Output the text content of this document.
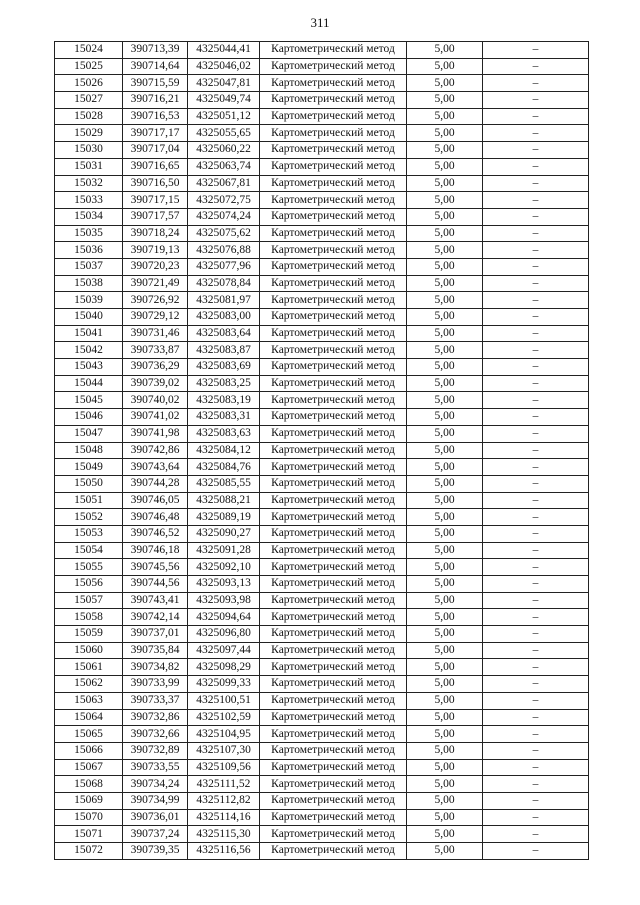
311
15024	390713,39	4325044,41	Картометрический метод	5,00	–
15025	390714,64	4325046,02	Картометрический метод	5,00	–
15026	390715,59	4325047,81	Картометрический метод	5,00	–
15027	390716,21	4325049,74	Картометрический метод	5,00	–
15028	390716,53	4325051,12	Картометрический метод	5,00	–
15029	390717,17	4325055,65	Картометрический метод	5,00	–
15030	390717,04	4325060,22	Картометрический метод	5,00	–
15031	390716,65	4325063,74	Картометрический метод	5,00	–
15032	390716,50	4325067,81	Картометрический метод	5,00	–
15033	390717,15	4325072,75	Картометрический метод	5,00	–
15034	390717,57	4325074,24	Картометрический метод	5,00	–
15035	390718,24	4325075,62	Картометрический метод	5,00	–
15036	390719,13	4325076,88	Картометрический метод	5,00	–
15037	390720,23	4325077,96	Картометрический метод	5,00	–
15038	390721,49	4325078,84	Картометрический метод	5,00	–
15039	390726,92	4325081,97	Картометрический метод	5,00	–
15040	390729,12	4325083,00	Картометрический метод	5,00	–
15041	390731,46	4325083,64	Картометрический метод	5,00	–
15042	390733,87	4325083,87	Картометрический метод	5,00	–
15043	390736,29	4325083,69	Картометрический метод	5,00	–
15044	390739,02	4325083,25	Картометрический метод	5,00	–
15045	390740,02	4325083,19	Картометрический метод	5,00	–
15046	390741,02	4325083,31	Картометрический метод	5,00	–
15047	390741,98	4325083,63	Картометрический метод	5,00	–
15048	390742,86	4325084,12	Картометрический метод	5,00	–
15049	390743,64	4325084,76	Картометрический метод	5,00	–
15050	390744,28	4325085,55	Картометрический метод	5,00	–
15051	390746,05	4325088,21	Картометрический метод	5,00	–
15052	390746,48	4325089,19	Картометрический метод	5,00	–
15053	390746,52	4325090,27	Картометрический метод	5,00	–
15054	390746,18	4325091,28	Картометрический метод	5,00	–
15055	390745,56	4325092,10	Картометрический метод	5,00	–
15056	390744,56	4325093,13	Картометрический метод	5,00	–
15057	390743,41	4325093,98	Картометрический метод	5,00	–
15058	390742,14	4325094,64	Картометрический метод	5,00	–
15059	390737,01	4325096,80	Картометрический метод	5,00	–
15060	390735,84	4325097,44	Картометрический метод	5,00	–
15061	390734,82	4325098,29	Картометрический метод	5,00	–
15062	390733,99	4325099,33	Картометрический метод	5,00	–
15063	390733,37	4325100,51	Картометрический метод	5,00	–
15064	390732,86	4325102,59	Картометрический метод	5,00	–
15065	390732,66	4325104,95	Картометрический метод	5,00	–
15066	390732,89	4325107,30	Картометрический метод	5,00	–
15067	390733,55	4325109,56	Картометрический метод	5,00	–
15068	390734,24	4325111,52	Картометрический метод	5,00	–
15069	390734,99	4325112,82	Картометрический метод	5,00	–
15070	390736,01	4325114,16	Картометрический метод	5,00	–
15071	390737,24	4325115,30	Картометрический метод	5,00	–
15072	390739,35	4325116,56	Картометрический метод	5,00	–
